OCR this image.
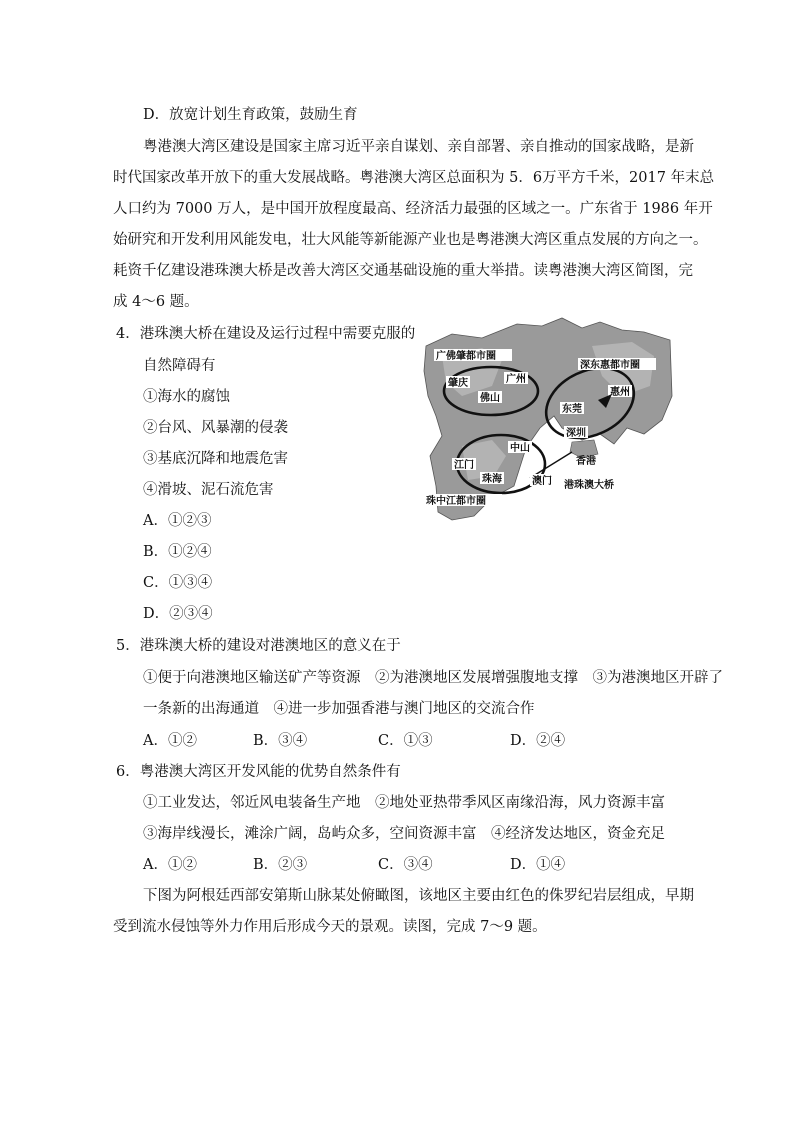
D．放宽计划生育政策，鼓励生育
粤港澳大湾区建设是国家主席习近平亲自谋划、亲自部署、亲自推动的国家战略，是新
时代国家改革开放下的重大发展战略。粤港澳大湾区总面积为 5．6万平方千米，2017 年末总
人口约为 7000 万人，是中国开放程度最高、经济活力最强的区域之一。广东省于 1986 年开
始研究和开发利用风能发电，壮大风能等新能源产业也是粤港澳大湾区重点发展的方向之一。
耗资千亿建设港珠澳大桥是改善大湾区交通基础设施的重大举措。读粤港澳大湾区简图，完
成 4～6 题。
4．港珠澳大桥在建设及运行过程中需要克服的
自然障碍有
①海水的腐蚀
②台风、风暴潮的侵袭
③基底沉降和地震危害
④滑坡、泥石流危害
A．①②③
B．①②④
C．①③④
D．②③④
广佛肇都市圈
肇庆	广州
佛山
深东惠都市圈
惠州
东莞
深圳
香港
中山
江门
珠海	澳门 港珠澳大桥
珠中江都市圈
5．港珠澳大桥的建设对港澳地区的意义在于
①便于向港澳地区输送矿产等资源　②为港澳地区发展增强腹地支撑　③为港澳地区开辟了
一条新的出海通道　④进一步加强香港与澳门地区的交流合作
A．①②	B．③④	C．①③	D．②④
6．粤港澳大湾区开发风能的优势自然条件有
①工业发达，邻近风电装备生产地　②地处亚热带季风区南缘沿海，风力资源丰富
③海岸线漫长，滩涂广阔，岛屿众多，空间资源丰富　④经济发达地区，资金充足
A．①②	B．②③	C．③④	D．①④
下图为阿根廷西部安第斯山脉某处俯瞰图，该地区主要由红色的侏罗纪岩层组成，早期
受到流水侵蚀等外力作用后形成今天的景观。读图，完成 7～9 题。
